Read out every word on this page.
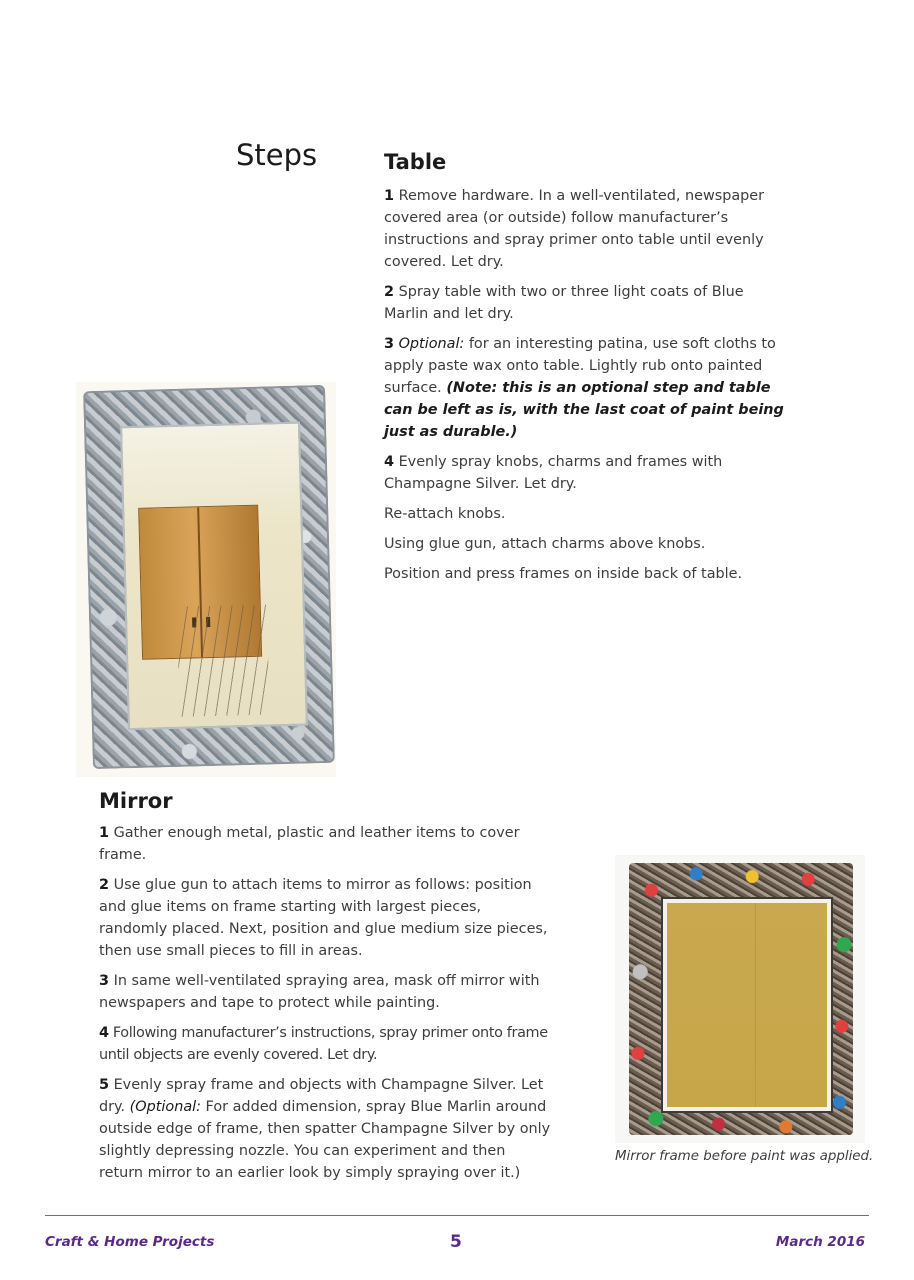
Steps	Table

1 Remove hardware. In a well-ventilated, newspaper covered area (or outside) follow manufacturer’s instructions and spray primer onto table until evenly covered. Let dry.

2 Spray table with two or three light coats of Blue Marlin and let dry.

3 Optional: for an interesting patina, use soft cloths to apply paste wax onto table. Lightly rub onto painted surface. (Note: this is an optional step and table can be left as is, with the last coat of paint being just as durable.)

4 Evenly spray knobs, charms and frames with Champagne Silver. Let dry.

Re-attach knobs.

Using glue gun, attach charms above knobs.

Position and press frames on inside back of table.

Mirror

1 Gather enough metal, plastic and leather items to cover frame.

2 Use glue gun to attach items to mirror as follows: position and glue items on frame starting with largest pieces, randomly placed. Next, position and glue medium size pieces, then use small pieces to fill in areas.

3 In same well-ventilated spraying area, mask off mirror with newspapers and tape to protect while painting.

4 Following manufacturer’s instructions, spray primer onto frame until objects are evenly covered. Let dry.

5 Evenly spray frame and objects with Champagne Silver. Let dry. (Optional: For added dimension, spray Blue Marlin around outside edge of frame, then spatter Champagne Silver by only slightly depressing nozzle. You can experiment and then return mirror to an earlier look by simply spraying over it.)

Mirror frame before paint was applied.
Craft & Home Projects	5	March 2016
